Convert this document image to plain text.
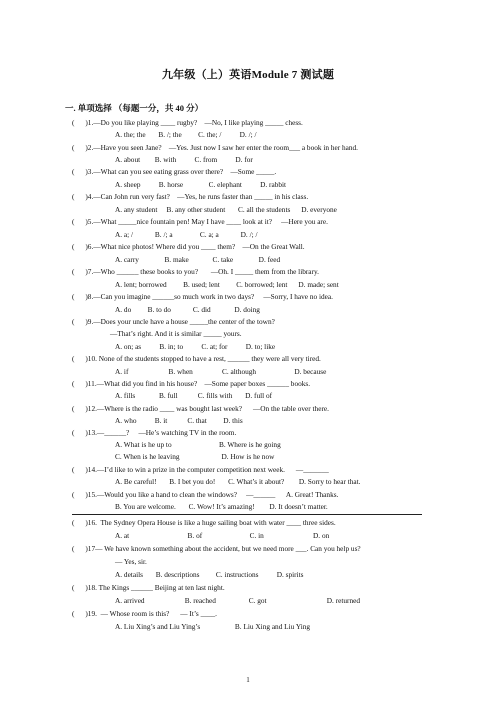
九年级（上）英语Module 7 测试题
一. 单项选择 （每题一分，共 40 分）
(      )1.—Do you like playing ____ rugby?    —No, I like playing _____ chess.
A. the; the       B. /; the         C. the; /          D. /; /
(      )2.—Have you seen Jane?    —Yes. Just now I saw her enter the room___ a book in her hand.
A. about        B. with          C. from          D. for
(      )3.—What can you see eating grass over there?    —Some _____.
A. sheep          B. horse              C. elephant          D. rabbit
(      )4.—Can John run very fast?    —Yes, he runs faster than _____ in his class.
A. any student     B. any other student       C. all the students      D. everyone
(      )5.—What _____nice fountain pen! May I have ____ look at it?     —Here you are.
A. a; /            B. /; a               C. a; a            D. /; /
(      )6.—What nice photos! Where did you ____ them?    —On the Great Wall.
A. carry              B. make             C. take              D. feed
(      )7.—Who ______ these books to you?       —Oh. I _____ them from the library.
A. lent; borrowed         B. used; lent         C. borrowed; lent      D. made; sent
(      )8.—Can you imagine ______so much work in two days?     —Sorry, I have no idea.
A. do         B. to do            C. did             D. doing
(      )9.—Does your uncle have a house _____the center of the town?
—That’s right. And it is similar _____ yours.
A. on; as          B. in; to          C. at; for          D. to; like
(      )10. None of the students stopped to have a rest, ______ they were all very tired.
A. if                      B. when                C. although                     D. because
(      )11.—What did you find in his house?    —Some paper boxes ______ books.
A. fills             B. full           C. fills with       D. full of
(      )12.—Where is the radio ____ was bought last week?      —On the table over there.
A. who          B. it           C. that         D. this
(      )13.—______?     —He’s watching TV in the room.
A. What is he up to                          B. Where is he going
C. When is he leaving                       D. How is he now
(      )14.—I’d like to win a prize in the computer competition next week.      —_______
A. Be careful!       B. I bet you do!       C. What’s it about?        D. Sorry to hear that.
(      )15.—Would you like a hand to clean the windows?     —______      A. Great! Thanks.
B. You are welcome.       C. Wow! It’s amazing!        D. It doesn’t matter.
(      )16.  The Sydney Opera House is like a huge sailing boat with water ____ three sides.
A. at                                B. of                          C. in                           D. on
(      )17— We have known something about the accident, but we need more ___. Can you help us?
— Yes, sir.
A. details       B. descriptions         C. instructions          D. spirits
(      )18. The Kings ______ Beijing at ten last night.
A. arrived                      B. reached                  C. got                                 D. returned
(      )19.  — Whose room is this?      — It’s ____.
A. Liu Xing’s and Liu Ying’s                   B. Liu Xing and Liu Ying
1
